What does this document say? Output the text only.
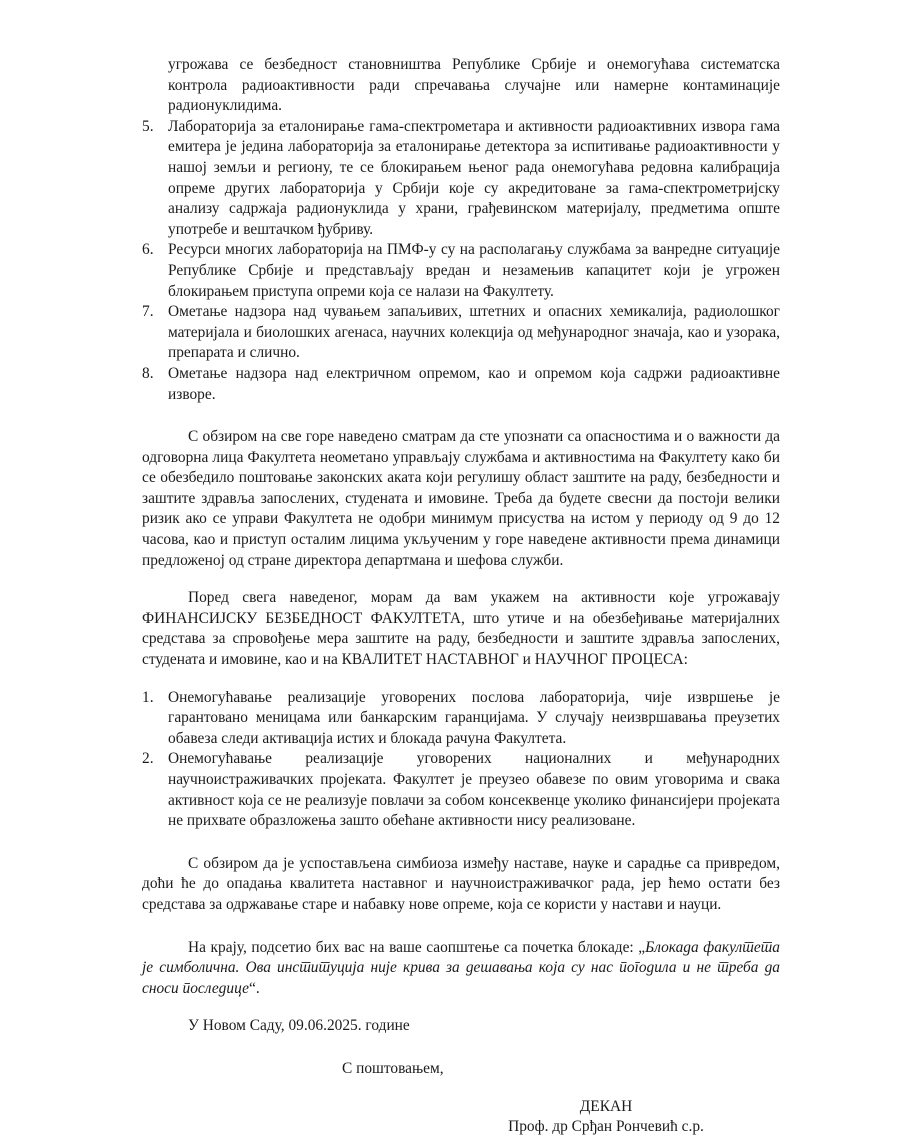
угрожава се безбедност становништва Републике Србије и онемогућава систематска контрола радиоактивности ради спречавања случајне или намерне контаминације радионуклидима.

5. Лабораторија за еталонирање гама-спектрометара и активности радиоактивних извора гама емитера је једина лабораторија за еталонирање детектора за испитивање радиоактивности у нашој земљи и региону, те се блокирањем њеног рада онемогућава редовна калибрација опреме других лабораторија у Србији које су акредитоване за гама-спектрометријску анализу садржаја радионуклида у храни, грађевинском материјалу, предметима опште употребе и вештачком ђубриву.
6. Ресурси многих лабораторија на ПМФ-у су на располагању службама за ванредне ситуације Републике Србије и представљају вредан и незамењив капацитет који је угрожен блокирањем приступа опреми која се налази на Факултету.
7. Ометање надзора над чувањем запаљивих, штетних и опасних хемикалија, радиолошког материјала и биолошких агенаса, научних колекција од међународног значаја, као и узорака, препарата и слично.
8. Ометање надзора над електричном опремом, као и опремом која садржи радиоактивне изворе.

С обзиром на све горе наведено сматрам да сте упознати са опасностима и о важности да одговорна лица Факултета неометано управљају службама и активностима на Факултету како би се обезбедило поштовање законских аката који регулишу област заштите на раду, безбедности и заштите здравља запослених, студената и имовине. Треба да будете свесни да постоји велики ризик ако се управи Факултета не одобри минимум присуства на истом у периоду од 9 до 12 часова, као и приступ осталим лицима укљученим у горе наведене активности према динамици предложеној од стране директора департмана и шефова служби.

Поред свега наведеног, морам да вам укажем на активности које угрожавају ФИНАНСИЈСКУ БЕЗБЕДНОСТ ФАКУЛТЕТА, што утиче и на обезбеђивање материјалних средстава за спровођење мера заштите на раду, безбедности и заштите здравља запослених, студената и имовине, као и на КВАЛИТЕТ НАСТАВНОГ и НАУЧНОГ ПРОЦЕСА:

1. Онемогућавање реализације уговорених послова лабораторија, чије извршење је гарантовано меницама или банкарским гаранцијама. У случају неизвршавања преузетих обавеза следи активација истих и блокада рачуна Факултета.
2. Онемогућавање реализације уговорених националних и међународних научноистраживачких пројеката. Факултет је преузео обавезе по овим уговорима и свака активност која се не реализује повлачи за собом консеквенце уколико финансијери пројеката не прихвате образложења зашто обећане активности нису реализоване.

С обзиром да је успостављена симбиоза између наставе, науке и сарадње са привредом, доћи ће до опадања квалитета наставног и научноистраживачког рада, јер ћемо остати без средстава за одржавање старе и набавку нове опреме, која се користи у настави и науци.

На крају, подсетио бих вас на ваше саопштење са почетка блокаде: „Блокада факултета је симболична. Ова институција није крива за дешавања која су нас погодила и не треба да сноси последице“.

У Новом Саду, 09.06.2025. године

С поштовањем,

ДЕКАН
Проф. др Срђан Рончевић с.р.
